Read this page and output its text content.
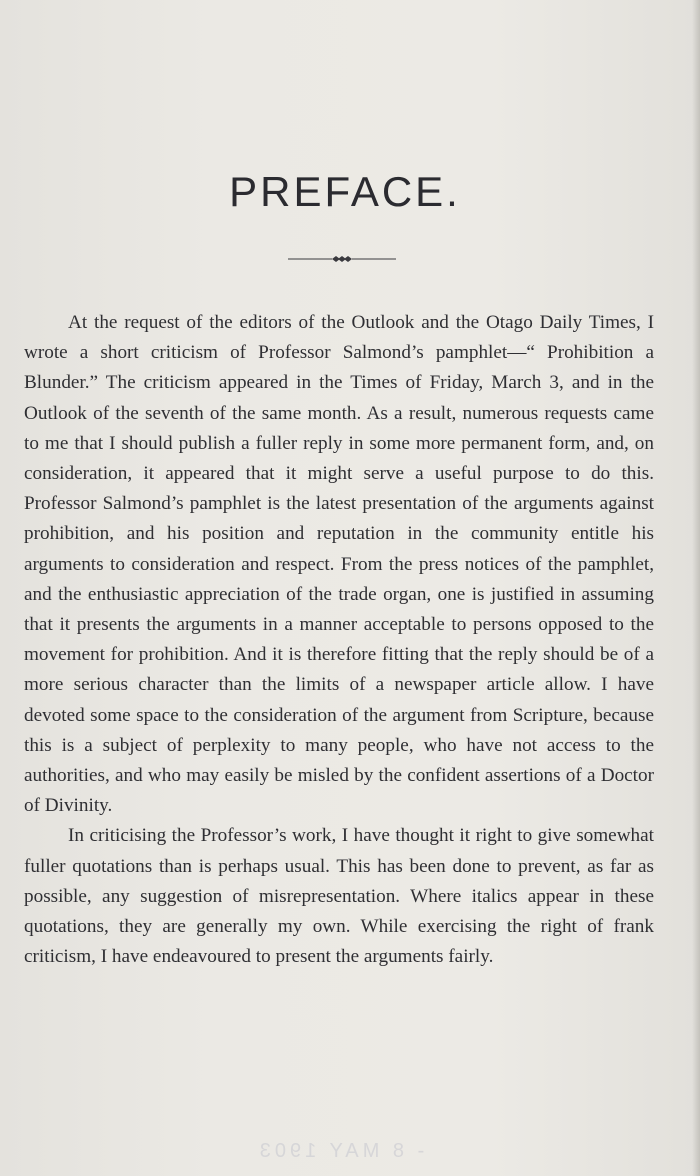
PREFACE.

At the request of the editors of the Outlook and the Otago Daily Times, I wrote a short criticism of Professor Salmond’s pamphlet—“ Prohibition a Blunder.” The criticism appeared in the Times of Friday, March 3, and in the Outlook of the seventh of the same month. As a result, numerous requests came to me that I should publish a fuller reply in some more permanent form, and, on consideration, it appeared that it might serve a useful purpose to do this. Professor Salmond’s pamphlet is the latest presentation of the arguments against prohibition, and his position and reputation in the community entitle his arguments to consideration and respect. From the press notices of the pamphlet, and the enthusiastic appreciation of the trade organ, one is justified in assuming that it presents the arguments in a manner acceptable to persons opposed to the movement for prohibition. And it is therefore fitting that the reply should be of a more serious character than the limits of a newspaper article allow. I have devoted some space to the consideration of the argument from Scripture, because this is a subject of perplexity to many people, who have not access to the authorities, and who may easily be misled by the confident assertions of a Doctor of Divinity.

In criticising the Professor’s work, I have thought it right to give somewhat fuller quotations than is perhaps usual. This has been done to prevent, as far as possible, any suggestion of misrepresentation. Where italics appear in these quotations, they are generally my own. While exercising the right of frank criticism, I have endeavoured to present the arguments fairly.

- 8 MAY 1903
